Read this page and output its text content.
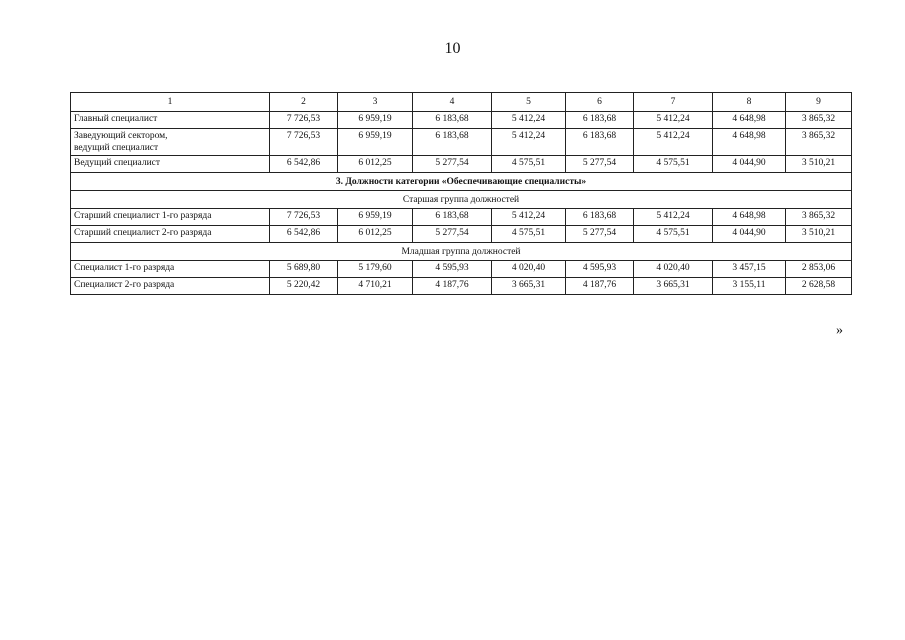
10
1	2	3	4	5	6	7	8	9
Главный специалист	7 726,53	6 959,19	6 183,68	5 412,24	6 183,68	5 412,24	4 648,98	3 865,32

Заведующий сектором,
ведущий специалист	7 726,53	6 959,19	6 183,68	5 412,24	6 183,68	5 412,24	4 648,98	3 865,32
Ведущий специалист	6 542,86	6 012,25	5 277,54	4 575,51	5 277,54	4 575,51	4 044,90	3 510,21
3. Должности категории «Обеспечивающие специалисты»								
Старшая группа должностей								
Старший специалист 1-го разряда	7 726,53	6 959,19	6 183,68	5 412,24	6 183,68	5 412,24	4 648,98	3 865,32
Старший специалист 2-го разряда	6 542,86	6 012,25	5 277,54	4 575,51	5 277,54	4 575,51	4 044,90	3 510,21
Младшая группа должностей								
Специалист 1-го разряда	5 689,80	5 179,60	4 595,93	4 020,40	4 595,93	4 020,40	3 457,15	2 853,06
Специалист 2-го разряда	5 220,42	4 710,21	4 187,76	3 665,31	4 187,76	3 665,31	3 155,11	2 628,58
»
